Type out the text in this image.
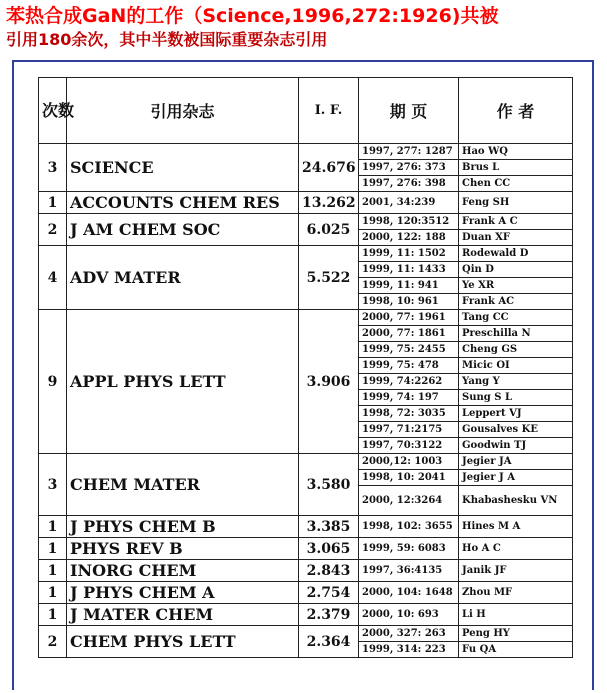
苯热合成GaN的工作（Science,1996,272:1926)共被
引用180余次，其中半数被国际重要杂志引用
次数	引用杂志	I. F.	期 页	作 者
3	SCIENCE	24.676	1997, 277: 1287	Hao WQ
			1997, 276: 373	Brus L
			1997, 276: 398	Chen CC
1	ACCOUNTS CHEM RES	13.262	2001, 34:239	Feng SH
2	J AM CHEM SOC	6.025	1998, 120:3512	Frank A C
			2000, 122: 188	Duan XF
4	ADV MATER	5.522	1999, 11: 1502	Rodewald D
			1999, 11: 1433	Qin D
			1999, 11: 941	Ye XR
			1998, 10: 961	Frank AC
9	APPL PHYS LETT	3.906	2000, 77: 1961	Tang CC
			2000, 77: 1861	Preschilla N
			1999, 75: 2455	Cheng GS
			1999, 75: 478	Micic OI
			1999, 74:2262	Yang Y
			1999, 74: 197	Sung S L
			1998, 72: 3035	Leppert VJ
			1997, 71:2175	Gousalves KE
			1997, 70:3122	Goodwin TJ
3	CHEM MATER	3.580	2000,12: 1003	Jegier JA
			1998, 10: 2041	Jegier J A
			2000, 12:3264	Khabashesku VN
1	J PHYS CHEM B	3.385	1998, 102: 3655	Hines M A
1	PHYS REV B	3.065	1999, 59: 6083	Ho A C
1	INORG CHEM	2.843	1997, 36:4135	Janik JF
1	J PHYS CHEM A	2.754	2000, 104: 1648	Zhou MF
1	J MATER CHEM	2.379	2000, 10: 693	Li H
2	CHEM PHYS LETT	2.364	2000, 327: 263	Peng HY
			1999, 314: 223	Fu QA
